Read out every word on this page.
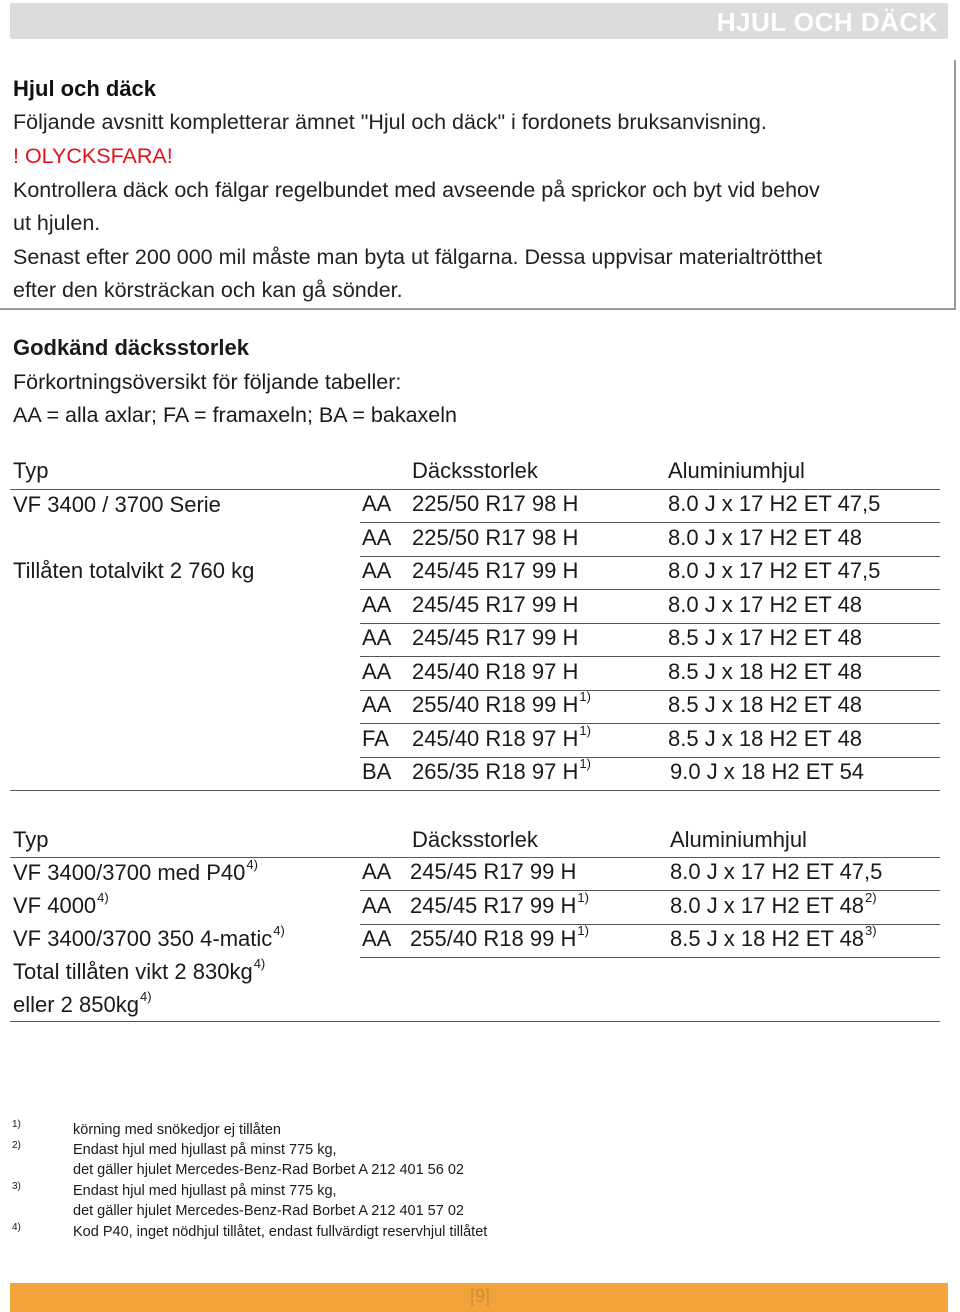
HJUL OCH DÄCK
Hjul och däck
Följande avsnitt kompletterar ämnet "Hjul och däck" i fordonets bruksanvisning.
! OLYCKSFARA!
Kontrollera däck och fälgar regelbundet med avseende på sprickor och byt vid behov
ut hjulen.
Senast efter 200 000 mil måste man byta ut fälgarna. Dessa uppvisar materialtrötthet
efter den körsträckan och kan gå sönder.
Godkänd däcksstorlek
Förkortningsöversikt för följande tabeller:
AA = alla axlar; FA = framaxeln; BA = bakaxeln
Typ	Däcksstorlek	Aluminiumhjul
VF 3400 / 3700 Serie
Tillåten totalvikt 2 760 kg
AA 225/50 R17 98 H	8.0 J x 17 H2 ET 47,5
AA 225/50 R17 98 H	8.0 J x 17 H2 ET 48
AA 245/45 R17 99 H	8.0 J x 17 H2 ET 47,5
AA 245/45 R17 99 H	8.0 J x 17 H2 ET 48
AA 245/45 R17 99 H	8.5 J x 17 H2 ET 48
AA 245/40 R18 97 H	8.5 J x 18 H2 ET 48
AA 255/40 R18 99 $H^{1)}$	8.5 J x 18 H2 ET 48
FA 245/40 R18 97 $H^{1)}$	8.5 J x 18 H2 ET 48
BA 265/35 R18 97 $H^{1)}$	9.0 J x 18 H2 ET 54
Typ	Däcksstorlek	Aluminiumhjul
VF 3400/3700 med P40$^{4)}$
VF 4000$^{4)}$
VF 3400/3700 350 4-matic$^{4)}$
Total tillåten vikt 2 $830kg^{4)}$
eller 2 $850kg^{4)}$
AA 245/45 R17 99 H	8.0 J x 17 H2 ET 47,5
AA 245/45 R17 99 $H^{1)}$	8.0 J x 17 H2 ET 48$^{2)}$
AA 255/40 R18 99 $H^{1)}$	8.5 J x 18 H2 ET 48$^{3)}$
1)	körning med snökedjor ej tillåten
2)	Endast hjul med hjullast på minst 775 kg,
det gäller hjulet Mercedes-Benz-Rad Borbet A 212 401 56 02
3)	Endast hjul med hjullast på minst 775 kg,
det gäller hjulet Mercedes-Benz-Rad Borbet A 212 401 57 02
4)	Kod P40, inget nödhjul tillåtet, endast fullvärdigt reservhjul tillåtet
[9]
